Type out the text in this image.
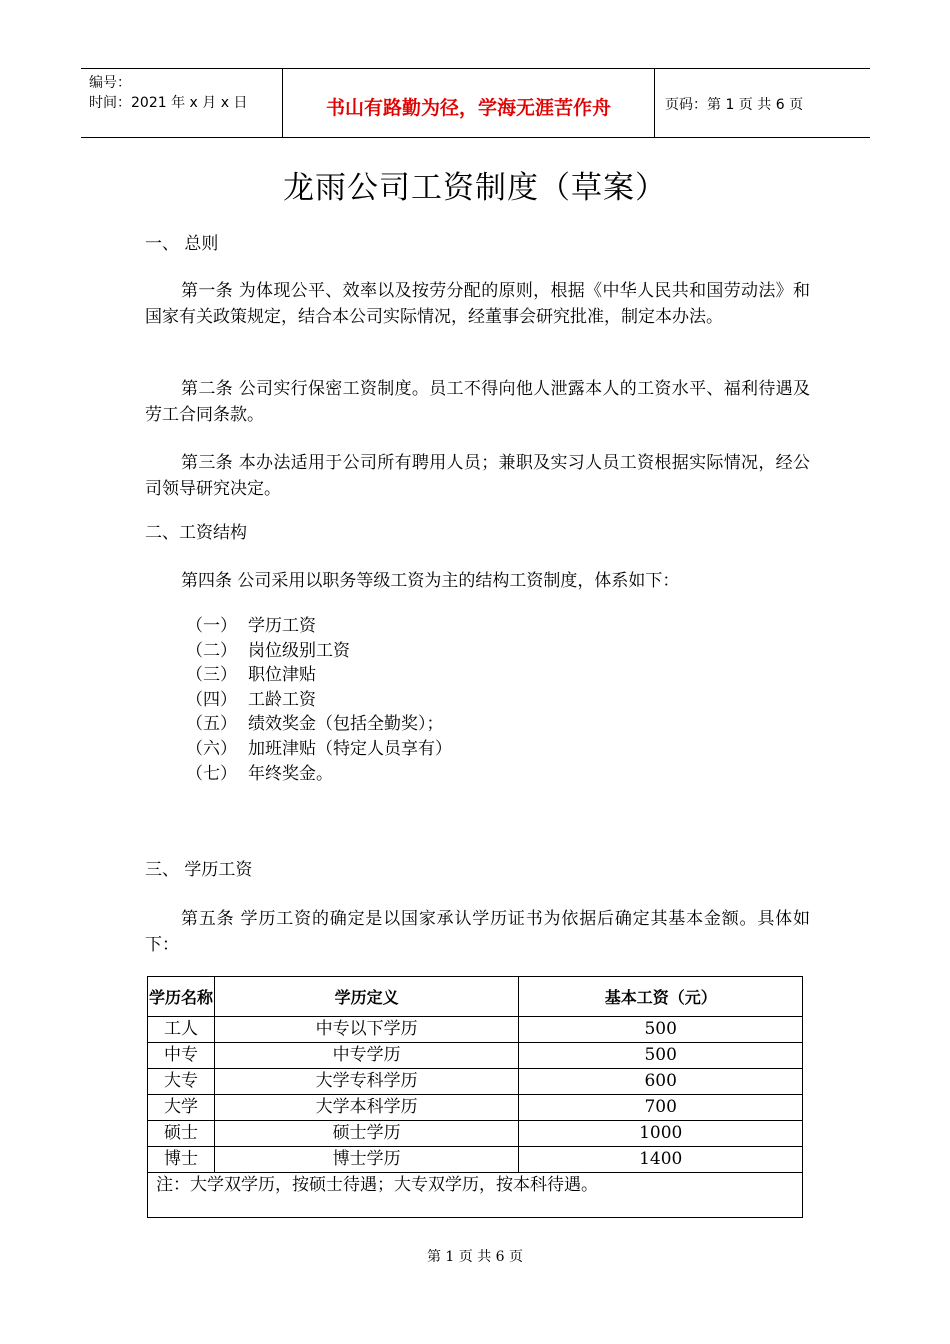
编号：
时间：2021 年 x 月 x 日	书山有路勤为径，学海无涯苦作舟	页码：第 1 页 共 6 页
龙雨公司工资制度（草案）
一、 总则
第一条 为体现公平、效率以及按劳分配的原则，根据《中华人民共和国劳动法》和国家有关政策规定，结合本公司实际情况，经董事会研究批准，制定本办法。
第二条 公司实行保密工资制度。员工不得向他人泄露本人的工资水平、福利待遇及劳工合同条款。
第三条 本办法适用于公司所有聘用人员；兼职及实习人员工资根据实际情况，经公司领导研究决定。
二、工资结构
第四条 公司采用以职务等级工资为主的结构工资制度，体系如下：
（一） 学历工资
（二） 岗位级别工资
（三） 职位津贴
（四） 工龄工资
（五） 绩效奖金（包括全勤奖）；
（六） 加班津贴（特定人员享有）
（七） 年终奖金。
三、 学历工资
第五条 学历工资的确定是以国家承认学历证书为依据后确定其基本金额。具体如下：
学历名称	学历定义	基本工资（元）
工人	中专以下学历	500
中专	中专学历	500
大专	大学专科学历	600
大学	大学本科学历	700
硕士	硕士学历	1000
博士	博士学历	1400
注：大学双学历，按硕士待遇；大专双学历，按本科待遇。		
第 1 页 共 6 页
